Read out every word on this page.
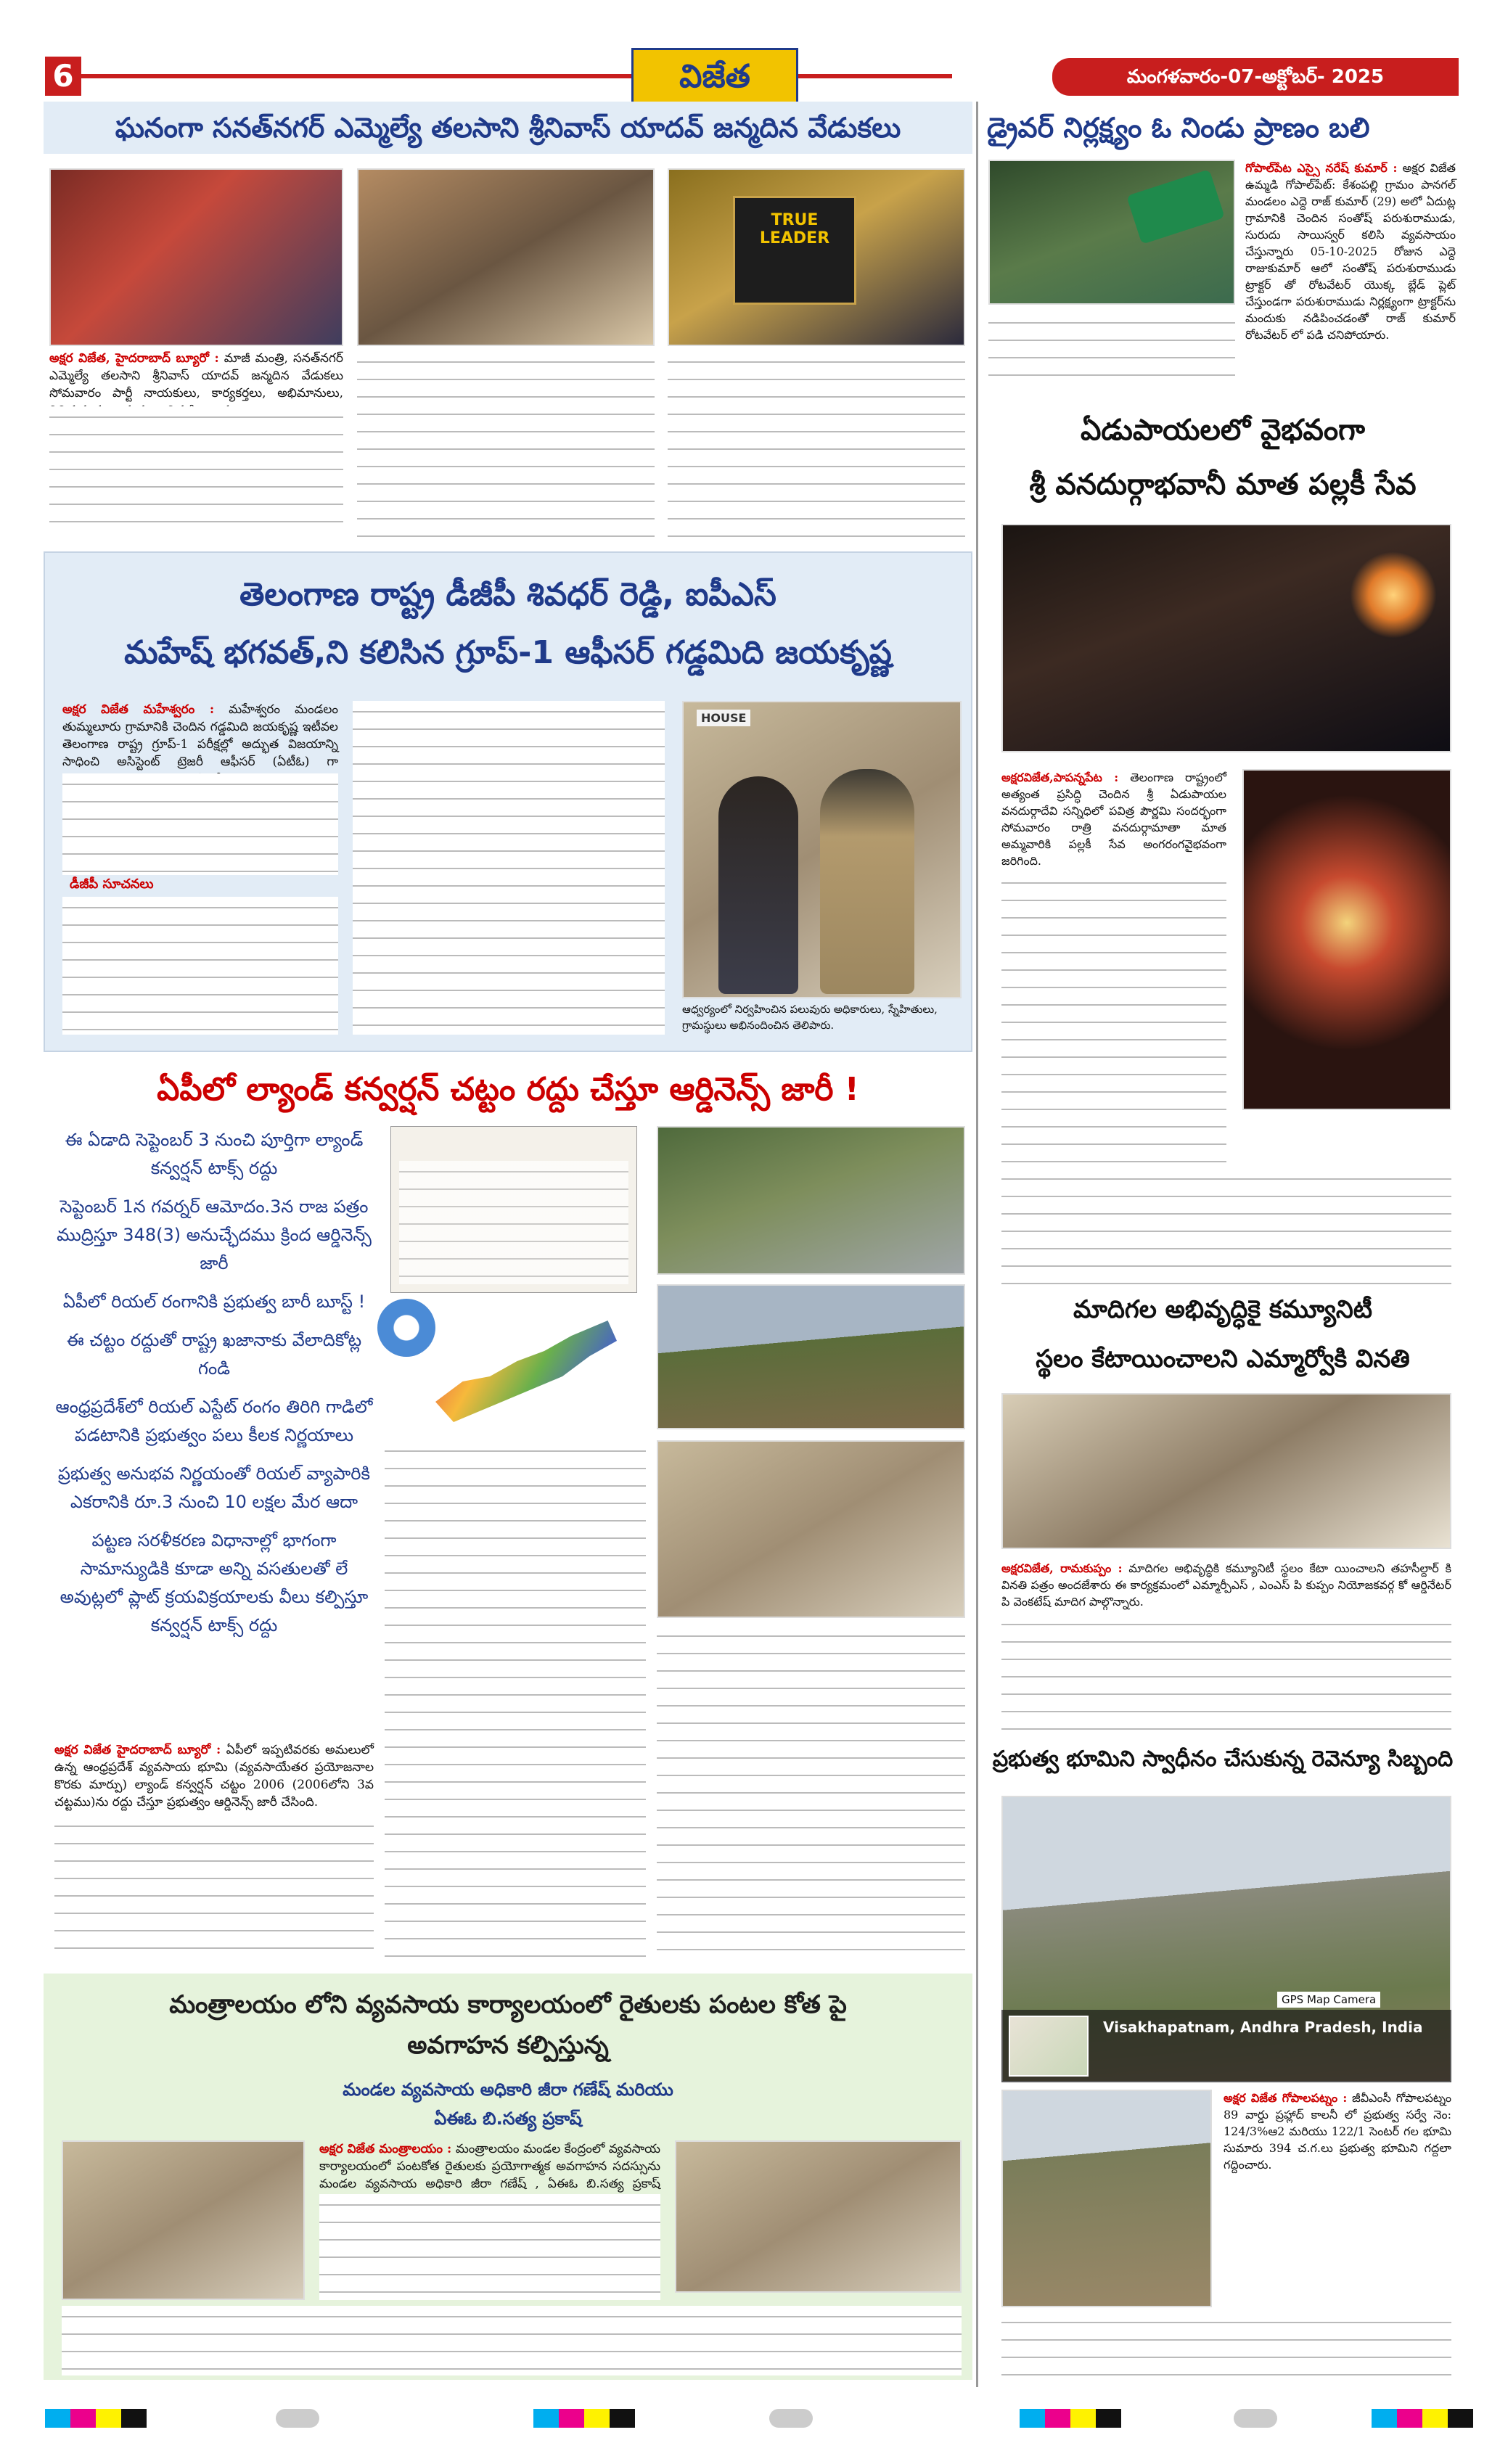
6	విజేత	మంగళవారం-07-అక్టోబర్- 2025
ఘనంగా సనత్‌నగర్ ఎమ్మెల్యే తలసాని శ్రీనివాస్ యాదవ్ జన్మదిన వేడుకలు
TRUE LEADER
అక్షర విజేత, హైదరాబాద్ బ్యూరో : మాజీ మంత్రి, సనత్‌నగర్ ఎమ్మెల్యే తలసాని శ్రీనివాస్ యాదవ్ జన్మదిన వేడుకలు సోమవారం పార్టీ నాయకులు, కార్యకర్తలు, అభిమానులు,
తెలంగాణ రాష్ట్ర డీజీపీ శివధర్ రెడ్డి, ఐపీఎస్
మహేష్ భగవత్,ని కలిసిన గ్రూప్-1 ఆఫీసర్ గడ్డమిది జయకృష్ణ
అక్షర విజేత మహేశ్వరం : మహేశ్వరం మండలం తుమ్మలూరు గ్రామానికి చెందిన గడ్డమిది జయకృష్ణ ఇటీవల తెలంగాణ రాష్ట్ర గ్రూప్-1 పరీక్షల్లో అద్భుత విజయాన్ని సాధించి అసిస్టెంట్ ట్రెజరీ ఆఫీసర్ (ఏటీఓ) గా
డీజీపీ సూచనలు
HOUSE
ఆధ్వర్యంలో నిర్వహించిన పలువురు అధికారులు, స్నేహితులు, గ్రామస్థులు అభినందించిన తెలిపారు.
ఏపీలో ల్యాండ్ కన్వర్షన్ చట్టం రద్దు చేస్తూ ఆర్డినెన్స్ జారీ !
ఈ ఏడాది సెప్టెంబర్ 3 నుంచి పూర్తిగా ల్యాండ్ కన్వర్షన్ టాక్స్ రద్దు
సెప్టెంబర్ 1న గవర్నర్ ఆమోదం.3న రాజ పత్రం ముద్రిస్తూ 348(3) అనుచ్ఛేదము క్రింద ఆర్డినెన్స్ జారీ
ఏపీలో రియల్ రంగానికి ప్రభుత్వ బారీ బూస్ట్ !
ఈ చట్టం రద్దుతో రాష్ట్ర ఖజానాకు వేలాదికోట్ల గండి
ఆంధ్రప్రదేశ్‌లో రియల్ ఎస్టేట్ రంగం తిరిగి గాడిలో పడటానికి ప్రభుత్వం పలు కీలక నిర్ణయాలు
ప్రభుత్వ అనుభవ నిర్ణయంతో రియల్ వ్యాపారికి ఎకరానికి రూ.3 నుంచి 10 లక్షల మేర ఆదా
పట్టణ సరళీకరణ విధానాల్లో భాగంగా సామాన్యుడికి కూడా అన్ని వసతులతో లే అవుట్లలో ప్లాట్ క్రయవిక్రయాలకు వీలు కల్పిస్తూ కన్వర్షన్ టాక్స్ రద్దు
అక్షర విజేత హైదరాబాద్ బ్యూరో : ఏపీలో ఇప్పటివరకు అమలులో ఉన్న ఆంధ్రప్రదేశ్ వ్యవసాయ భూమి (వ్యవసాయేతర ప్రయోజనాల కొరకు మార్పు) ల్యాండ్ కన్వర్షన్ చట్టం 2006 (2006లోని 3వ చట్టము)ను రద్దు చేస్తూ ప్రభుత్వం ఆర్డినెన్స్ జారీ చేసింది.
మంత్రాలయం లోని వ్యవసాయ కార్యాలయంలో రైతులకు పంటల కోత పై
అవగాహన కల్పిస్తున్న
మండల వ్యవసాయ అధికారి జీరా గణేష్ మరియు
ఏఈఓ బి.సత్య ప్రకాష్
అక్షర విజేత మంత్రాలయం : మంత్రాలయం మండల కేంద్రంలో వ్యవసాయ కార్యాలయంలో పంటకోత రైతులకు ప్రయోగాత్మక అవగాహన సదస్సును మండల వ్యవసాయ అధికారి జీరా గణేష్ , ఏఈఓ బి.సత్య ప్రకాష్
డ్రైవర్ నిర్లక్ష్యం ఓ నిండు ప్రాణం బలి
గోపాల్‌పేట ఎస్సై నరేష్ కుమార్ : అక్షర విజేత ఉమ్మడి గోపాల్‌పేట్: కేశంపల్లి గ్రామం పానగల్ మండలం ఎద్దె రాజ్ కుమార్ (29) అలో ఏదుట్ల గ్రామానికి చెందిన సంతోష్ పరుశురాముడు, సురుదు సాయిస్వర్ కలిసి వ్యవసాయం చేస్తున్నారు 05-10-2025 రోజున ఎద్దె రాజుకుమార్ ఆలో సంతోష్ పరుశురాముడు ట్రాక్టర్ తో రోటవేటర్ యొక్క బ్లేడ్ ప్లెట్ చేస్తుండగా పరుశురాముడు నిర్లక్ష్యంగా ట్రాక్టర్‌ను మందుకు నడిపించడంతో రాజ్ కుమార్ రోటవేటర్ లో పడి చనిపోయారు.
ఏడుపాయలలో వైభవంగా
శ్రీ వనదుర్గాభవానీ మాత పల్లకీ సేవ
అక్షరవిజేత,పాపన్నపేట : తెలంగాణ రాష్ట్రంలో అత్యంత ప్రసిద్ధి చెందిన శ్రీ ఏడుపాయల వనదుర్గాదేవి సన్నిధిలో పవిత్ర పౌర్ణమి సందర్భంగా సోమవారం రాత్రి వనదుర్గామాతా మాత అమ్మవారికి పల్లకీ సేవ అంగరంగవైభవంగా జరిగింది.
మాదిగల అభివృద్ధికై కమ్యూనిటీ
స్థలం కేటాయించాలని ఎమ్మార్వోకి వినతి
అక్షరవిజేత, రామకుప్పం : మాదిగల అభివృద్ధికి కమ్యూనిటీ స్థలం కేటా యించాలని తహసీల్దార్ కి వినతి పత్రం అందజేశారు ఈ కార్యక్రమంలో ఎమ్మార్పీఎస్ , ఎంఎస్ పి కుప్పం నియోజకవర్గ కో ఆర్డినేటర్ పి వెంకటేష్ మాదిగ పాల్గొన్నారు.
ప్రభుత్వ భూమిని స్వాధీనం చేసుకున్న రెవెన్యూ సిబ్బంది
GPS Map Camera
Visakhapatnam, Andhra Pradesh, India
అక్షర విజేత గోపాలపట్నం : జీవీఎంసీ గోపాలపట్నం 89 వార్డు ప్రహ్లాద్ కాలనీ లో ప్రభుత్వ సర్వే నెం: 124/3%ఆ2 మరియు 122/1 సెంటర్ గల భూమి సుమారు 394 చ.గ.లు ప్రభుత్వ భూమిని గద్దలా గద్దించారు.
